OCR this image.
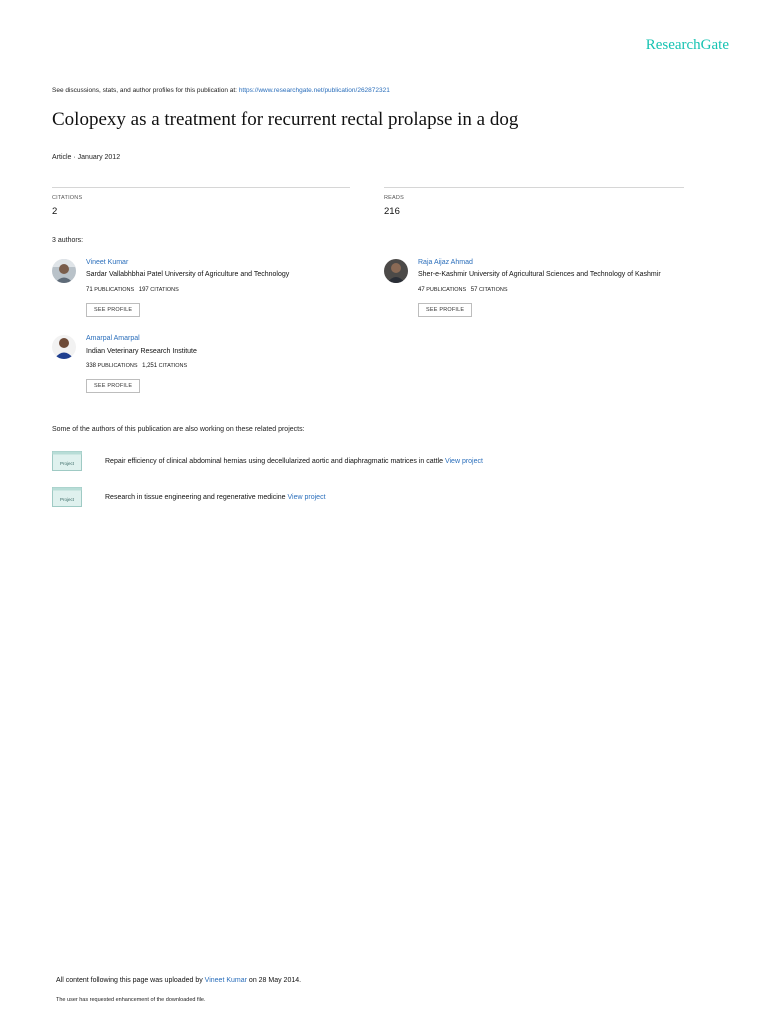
ResearchGate
See discussions, stats, and author profiles for this publication at: https://www.researchgate.net/publication/262872321
Colopexy as a treatment for recurrent rectal prolapse in a dog
Article · January 2012
CITATIONS
2
READS
216
3 authors:
Vineet Kumar
Sardar Vallabhbhai Patel University of Agriculture and Technology
71 PUBLICATIONS 197 CITATIONS
SEE PROFILE
Raja Aijaz Ahmad
Sher-e-Kashmir University of Agricultural Sciences and Technology of Kashmir
47 PUBLICATIONS 57 CITATIONS
SEE PROFILE
Amarpal Amarpal
Indian Veterinary Research Institute
338 PUBLICATIONS 1,251 CITATIONS
SEE PROFILE
Some of the authors of this publication are also working on these related projects:
Project	Repair efficiency of clinical abdominal hernias using decellularized aortic and diaphragmatic matrices in cattle View project
Project	Research in tissue engineering and regenerative medicine View project
All content following this page was uploaded by Vineet Kumar on 28 May 2014.
The user has requested enhancement of the downloaded file.
